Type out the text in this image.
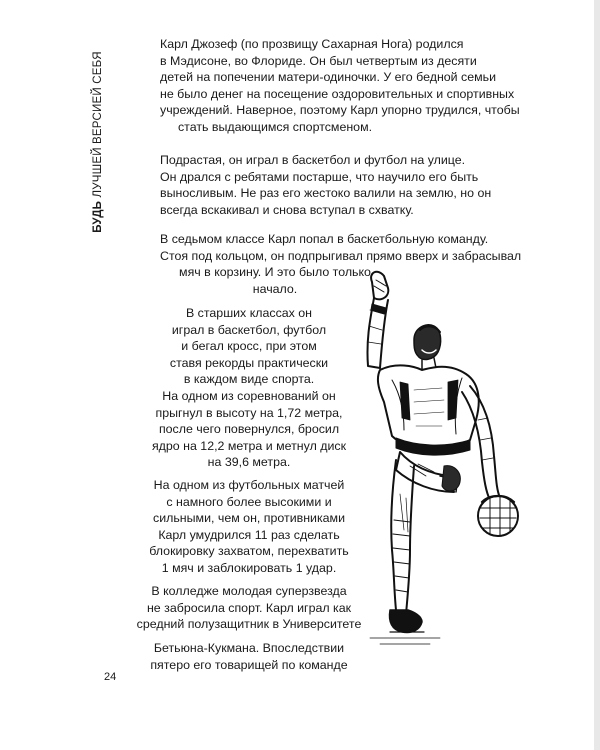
БУДЬ ЛУЧШЕЙ ВЕРСИЕЙ СЕБЯ
Карл Джозеф (по прозвищу Сахарная Нога) родился
в Мэдисоне, во Флориде. Он был четвертым из десяти
детей на попечении матери-одиночки. У его бедной семьи
не было денег на посещение оздоровительных и спортивных
учреждений. Наверное, поэтому Карл упорно трудился, чтобы
стать выдающимся спортсменом.
Подрастая, он играл в баскетбол и футбол на улице.
Он дрался с ребятами постарше, что научило его быть
выносливым. Не раз его жестоко валили на землю, но он
всегда вскакивал и снова вступал в схватку.
В седьмом классе Карл попал в баскетбольную команду.
Стоя под кольцом, он подпрыгивал прямо вверх и забрасывал
мяч в корзину. И это было только
начало.
В старших классах он
играл в баскетбол, футбол
и бегал кросс, при этом
ставя рекорды практически
в каждом виде спорта.
На одном из соревнований он
прыгнул в высоту на 1,72 метра,
после чего повернулся, бросил
ядро на 12,2 метра и метнул диск
на 39,6 метра.
На одном из футбольных матчей
с намного более высокими и
сильными, чем он, противниками
Карл умудрился 11 раз сделать
блокировку захватом, перехватить
1 мяч и заблокировать 1 удар.
В колледже молодая суперзвезда
не забросила спорт. Карл играл как
средний полузащитник в Университете
Бетьюна-Кукмана. Впоследствии
пятеро его товарищей по команде
24
